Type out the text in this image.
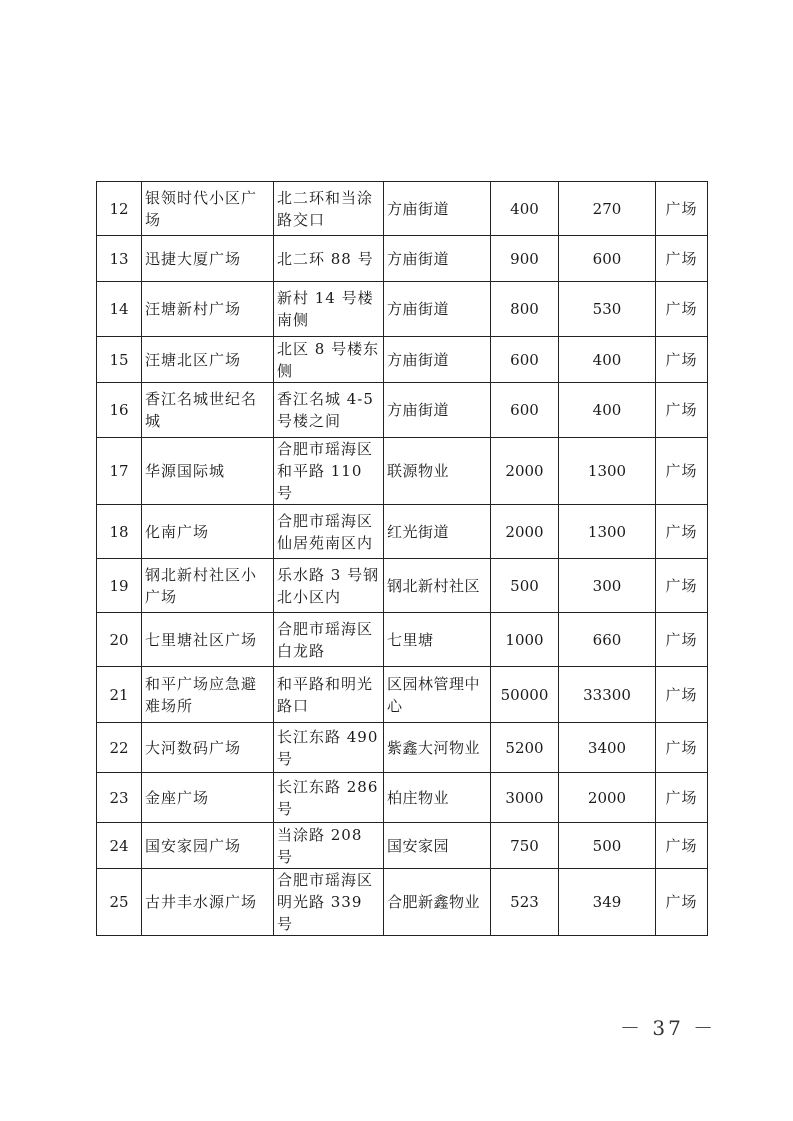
12	银领时代小区广场	北二环和当涂路交口	方庙街道	400	270	广场
13	迅捷大厦广场	北二环 88 号	方庙街道	900	600	广场
14	汪塘新村广场	新村 14 号楼南侧	方庙街道	800	530	广场
15	汪塘北区广场	北区 8 号楼东侧	方庙街道	600	400	广场
16	香江名城世纪名城	香江名城 4-5 号楼之间	方庙街道	600	400	广场
17	华源国际城	合肥市瑶海区和平路 110 号	联源物业	2000	1300	广场
18	化南广场	合肥市瑶海区仙居苑南区内	红光街道	2000	1300	广场
19	钢北新村社区小广场	乐水路 3 号钢北小区内	钢北新村社区	500	300	广场
20	七里塘社区广场	合肥市瑶海区白龙路	七里塘	1000	660	广场
21	和平广场应急避难场所	和平路和明光路口	区园林管理中心	50000	33300	广场
22	大河数码广场	长江东路 490 号	紫鑫大河物业	5200	3400	广场
23	金座广场	长江东路 286 号	柏庄物业	3000	2000	广场
24	国安家园广场	当涂路 208 号	国安家园	750	500	广场
25	古井丰水源广场	合肥市瑶海区明光路 339 号	合肥新鑫物业	523	349	广场
－ 37 －
